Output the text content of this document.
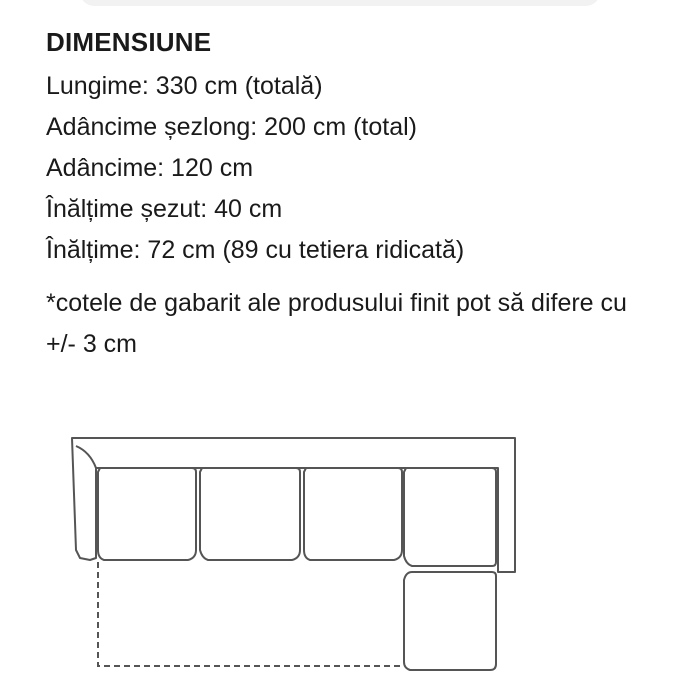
DIMENSIUNE
Lungime: 330 cm (totală)
Adâncime șezlong: 200 cm (total)
Adâncime: 120 cm
Înălțime șezut: 40 cm
Înălțime: 72 cm (89 cu tetiera ridicată)
*cotele de gabarit ale produsului finit pot să difere cu +/- 3 cm
